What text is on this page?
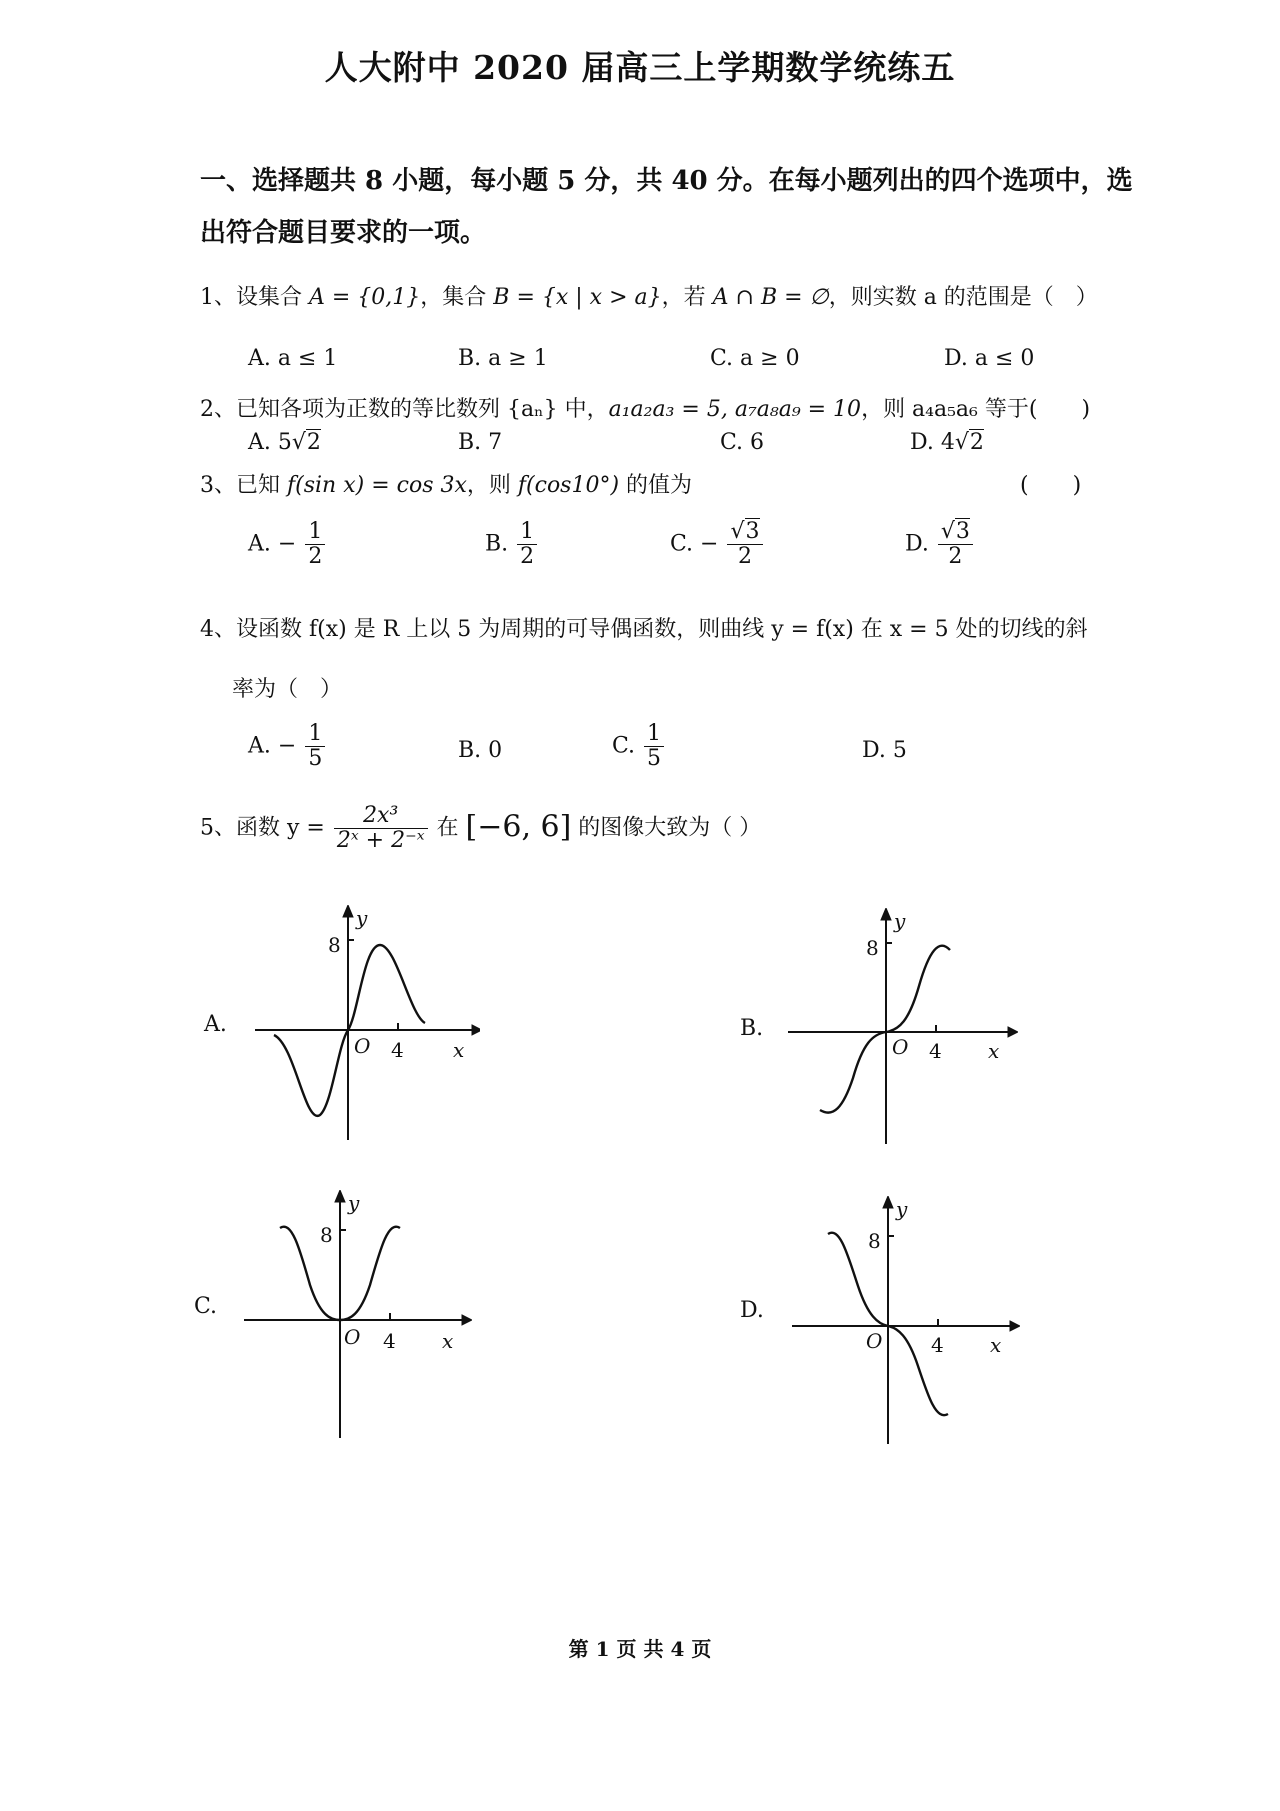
人大附中 2020 届高三上学期数学统练五
一、选择题共 8 小题，每小题 5 分，共 40 分。在每小题列出的四个选项中，选
出符合题目要求的一项。
1、设集合 A = {0,1}，集合 B = {x | x > a}，若 A ∩ B = ∅，则实数 a 的范围是（　）
A. a ≤ 1	B. a ≥ 1	C. a ≥ 0	D. a ≤ 0
2、已知各项为正数的等比数列 {aₙ} 中，a₁a₂a₃ = 5, a₇a₈a₉ = 10，则 a₄a₅a₆ 等于(　　)
A. 5√2	B. 7	C. 6	D. 4√2
3、已知 f(sin x) = cos 3x，则 f(cos10°) 的值为	(　　)
A. − $\frac{1}{2}$	B. $\frac{1}{2}$	C. − $\frac{√3}{2}$	D. $\frac{√3}{2}$
4、设函数 f(x) 是 R 上以 5 为周期的可导偶函数，则曲线 y = f(x) 在 x = 5 处的切线的斜
率为（　）
A. − $\frac{1}{5}$	B. 0	C. $\frac{1}{5}$	D. 5
5、函数 $y = \frac{\text{2x³}}{\text{2ˣ + 2⁻ˣ}}$ 在 [−6, 6] 的图像大致为（ ）
A.
8
y
O 4 x
B.
8
y
O 4 x
C.
8
y
O 4 x
D.
8
y
O 4 x
第 1 页 共 4 页
